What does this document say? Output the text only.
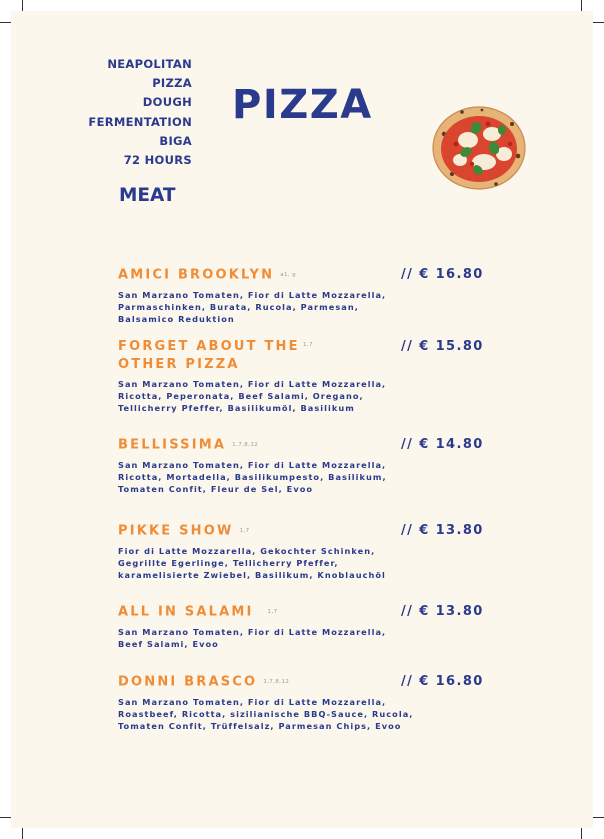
NEAPOLITAN
PIZZA
DOUGH
FERMENTATION
BIGA
72 HOURS
PIZZA
MEAT
AMICI BROOKLYN a1, g	// € 16.80
San Marzano Tomaten, Fior di Latte Mozzarella,
Parmaschinken, Burata, Rucola, Parmesan,
Balsamico Reduktion
FORGET ABOUT THE OTHER PIZZA
1,7	// € 15.80
San Marzano Tomaten, Fior di Latte Mozzarella,
Ricotta, Peperonata, Beef Salami, Oregano,
Tellicherry Pfeffer, Basilikumöl, Basilikum
BELLISSIMA 1,7,8,12	// € 14.80
San Marzano Tomaten, Fior di Latte Mozzarella,
Ricotta, Mortadella, Basilikumpesto, Basilikum,
Tomaten Confit, Fleur de Sel, Evoo
PIKKE SHOW 1,7	// € 13.80
Fior di Latte Mozzarella, Gekochter Schinken,
Gegrillte Egerlinge, Tellicherry Pfeffer,
karamelisierte Zwiebel, Basilikum, Knoblauchöl
ALL IN SALAMI	1,7	// € 13.80
San Marzano Tomaten, Fior di Latte Mozzarella,
Beef Salami, Evoo
DONNI BRASCO 1,7,8,12	// € 16.80
San Marzano Tomaten, Fior di Latte Mozzarella,
Roastbeef, Ricotta, sizilianische BBQ-Sauce, Rucola,
Tomaten Confit, Trüffelsalz, Parmesan Chips, Evoo
